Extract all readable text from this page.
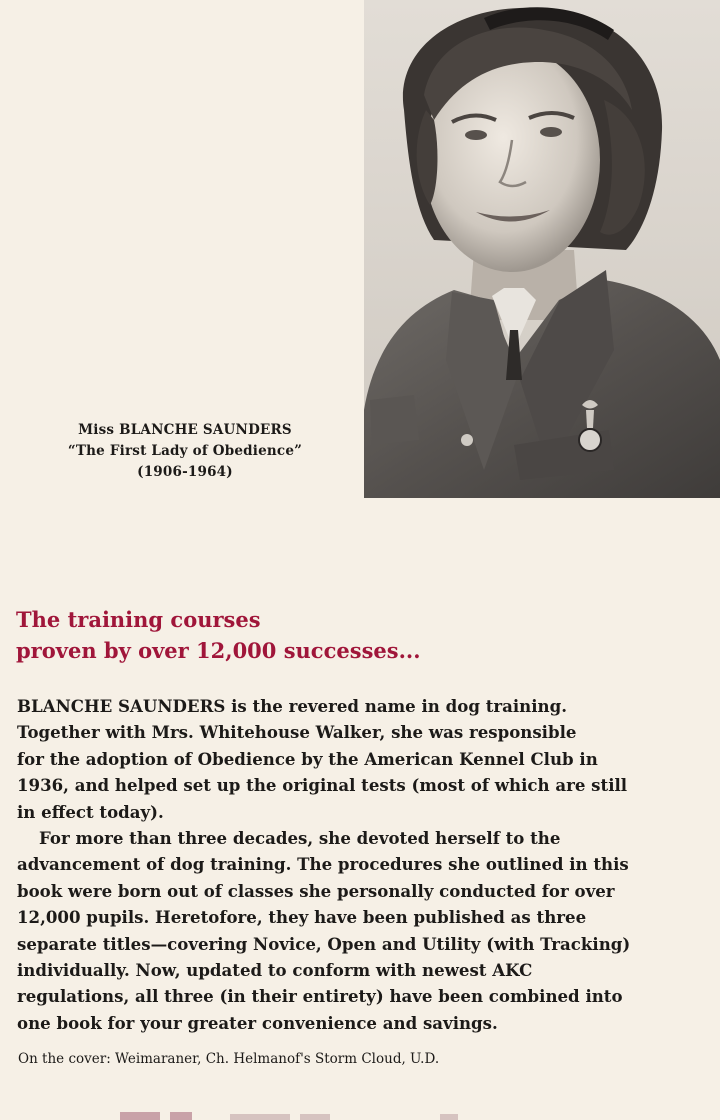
Miss BLANCHE SAUNDERS
“The First Lady of Obedience”
(1906-1964)
The training courses
proven by over 12,000 successes...
BLANCHE SAUNDERS is the revered name in dog training.
Together with Mrs. Whitehouse Walker, she was responsible
for the adoption of Obedience by the American Kennel Club in
1936, and helped set up the original tests (most of which are still
in effect today).
For more than three decades, she devoted herself to the
advancement of dog training. The procedures she outlined in this
book were born out of classes she personally conducted for over
12,000 pupils. Heretofore, they have been published as three
separate titles—covering Novice, Open and Utility (with Tracking)
individually. Now, updated to conform with newest AKC
regulations, all three (in their entirety) have been combined into
one book for your greater convenience and savings.
On the cover: Weimaraner, Ch. Helmanof's Storm Cloud, U.D.
